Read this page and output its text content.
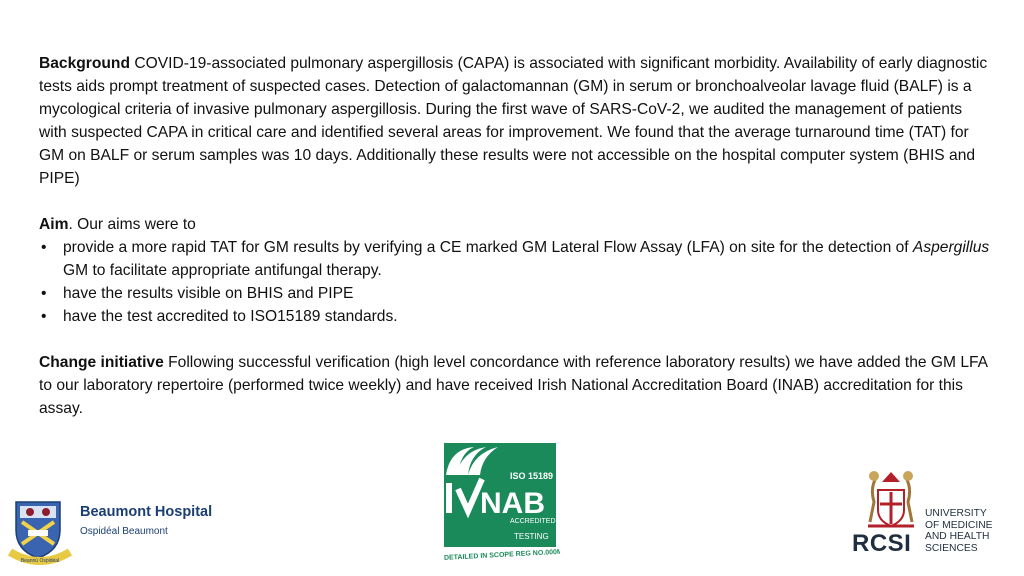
Background COVID-19-associated pulmonary aspergillosis (CAPA) is associated with significant morbidity. Availability of early diagnostic tests aids prompt treatment of suspected cases. Detection of galactomannan (GM) in serum or bronchoalveolar lavage fluid (BALF) is a mycological criteria of invasive pulmonary aspergillosis. During the first wave of SARS-CoV-2, we audited the management of patients with suspected CAPA in critical care and identified several areas for improvement. We found that the average turnaround time (TAT) for GM on BALF or serum samples was 10 days. Additionally these results were not accessible on the hospital computer system (BHIS and PIPE)

Aim. Our aims were to

• provide a more rapid TAT for GM results by verifying a CE marked GM Lateral Flow Assay (LFA) on site for the detection of Aspergillus GM to facilitate appropriate antifungal therapy.
• have the results visible on BHIS and PIPE
• have the test accredited to ISO15189 standards.

Change initiative Following successful verification (high level concordance with reference laboratory results) we have added the GM LFA to our laboratory repertoire (performed twice weekly) and have received Irish National Accreditation Board (INAB) accreditation for this assay.

Beannú Ospidéal
Beaumont Hospital
Ospidéal Beaumont
ISO 15189
NAB
ACCREDITED
TESTING
DETAILED IN SCOPE REG NO.000MT	RCSI
UNIVERSITY
OF MEDICINE
AND HEALTH
SCIENCES
